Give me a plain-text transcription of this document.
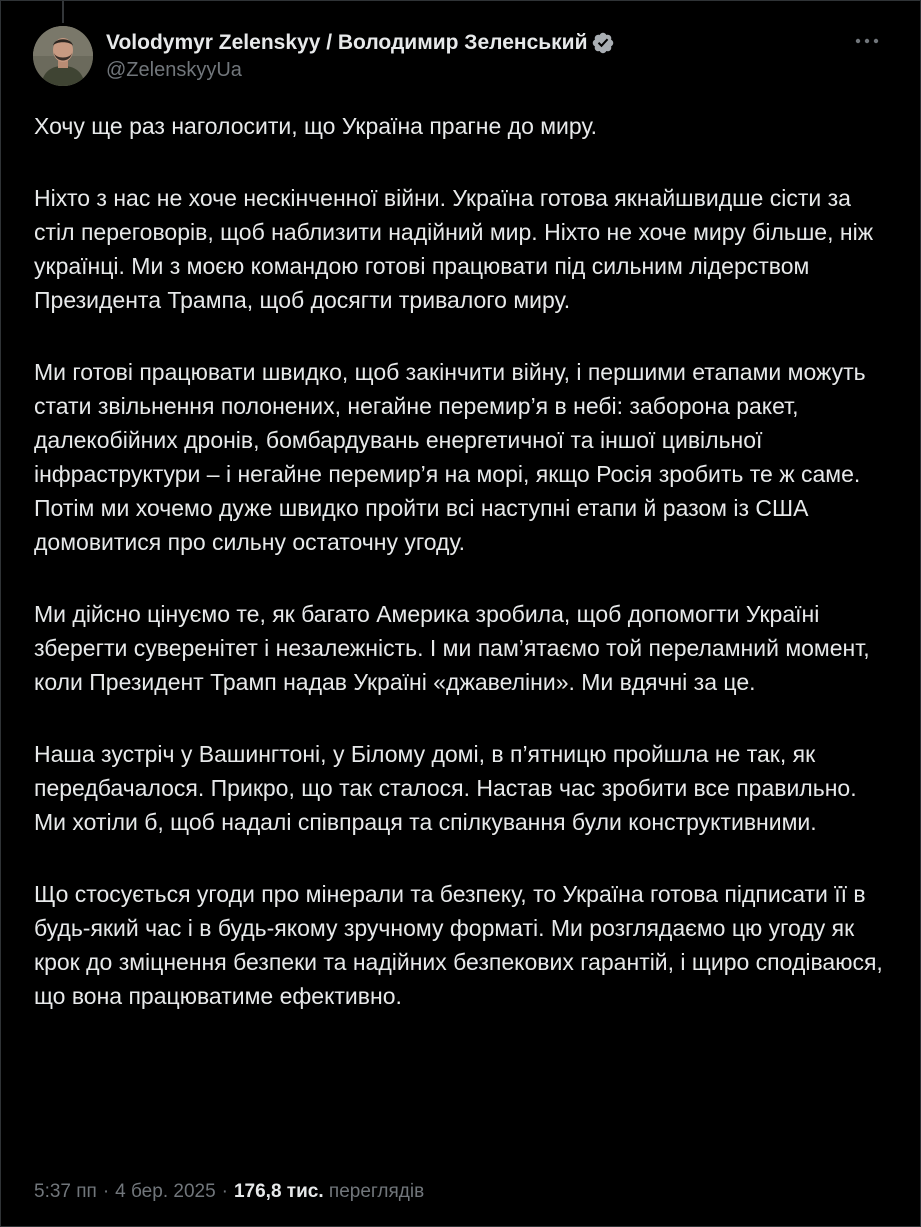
Volodymyr Zelenskyy / Володимир Зеленський
@ZelenskyyUa

Хочу ще раз наголосити, що Україна прагне до миру.

Ніхто з нас не хоче нескінченної війни. Україна готова якнайшвидше сісти за стіл переговорів, щоб наблизити надійний мир. Ніхто не хоче миру більше, ніж українці. Ми з моєю командою готові працювати під сильним лідерством Президента Трампа, щоб досягти тривалого миру.

Ми готові працювати швидко, щоб закінчити війну, і першими етапами можуть стати звільнення полонених, негайне перемир’я в небі: заборона ракет, далекобійних дронів, бомбардувань енергетичної та іншої цивільної інфраструктури – і негайне перемир’я на морі, якщо Росія зробить те ж саме. Потім ми хочемо дуже швидко пройти всі наступні етапи й разом із США домовитися про сильну остаточну угоду.

Ми дійсно цінуємо те, як багато Америка зробила, щоб допомогти Україні зберегти суверенітет і незалежність. І ми пам’ятаємо той переламний момент, коли Президент Трамп надав Україні «джавеліни». Ми вдячні за це.

Наша зустріч у Вашингтоні, у Білому домі, в п’ятницю пройшла не так, як передбачалося. Прикро, що так сталося. Настав час зробити все правильно. Ми хотіли б, щоб надалі співпраця та спілкування були конструктивними.

Що стосується угоди про мінерали та безпеку, то Україна готова підписати її в будь-який час і в будь-якому зручному форматі. Ми розглядаємо цю угоду як крок до зміцнення безпеки та надійних безпекових гарантій, і щиро сподіваюся, що вона працюватиме ефективно.

5:37 пп · 4 бер. 2025 · 176,8 тис. переглядів
